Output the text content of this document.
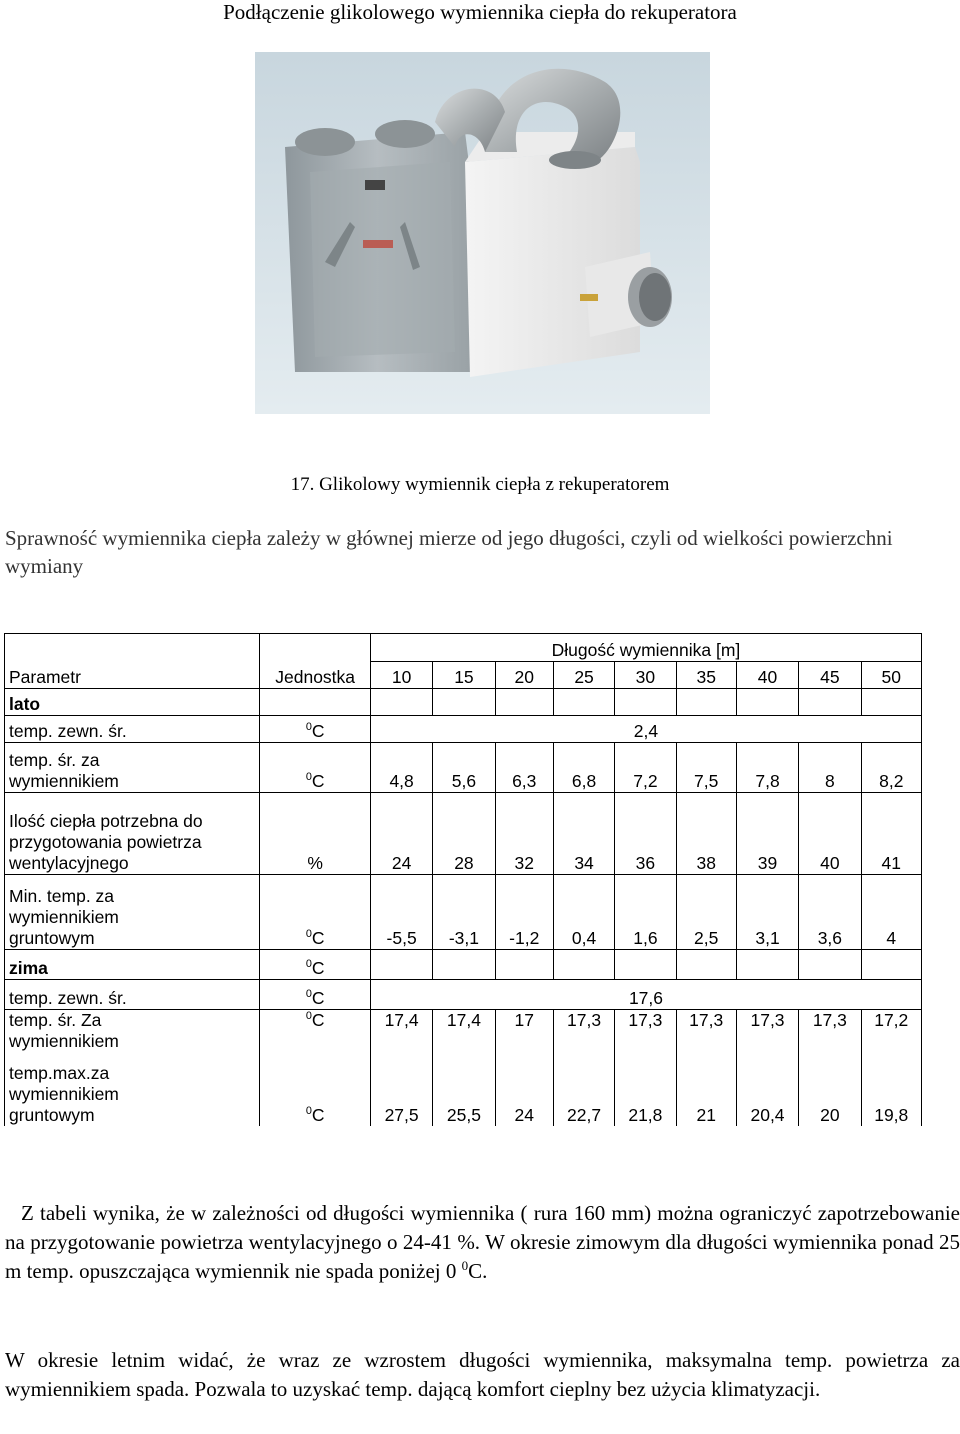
Podłączenie glikolowego wymiennika ciepła do rekuperatora
17. Glikolowy wymiennik ciepła z rekuperatorem
Sprawność wymiennika ciepła zależy w głównej mierze od jego długości, czyli od wielkości powierzchni wymiany
		Długość wymiennika [m]								
Parametr	Jednostka	10	15	20	25	30	35	40	45	50
lato										
temp. zewn. śr.	$^0$C	2,4								
temp. śr. za
wymiennikiem	$^0$C	4,8	5,6	6,3	6,8	7,2	7,5	7,8	8	8,2
Ilość ciepła potrzebna do
przygotowania powietrza
wentylacyjnego	%	24	28	32	34	36	38	39	40	41
Min. temp. za
wymiennikiem
gruntowym	$^0$C	-5,5	-3,1	-1,2	0,4	1,6	2,5	3,1	3,6	4
zima	$^0$C									
temp. zewn. śr.	$^0$C	17,6								
temp. śr. Za
wymiennikiem	$^0$C	17,4	17,4	17	17,3	17,3	17,3	17,3	17,3	17,2
temp.max.za
wymiennikiem
gruntowym	$^0$C	27,5	25,5	24	22,7	21,8	21	20,4	20	19,8
Z tabeli wynika, że w zależności od długości wymiennika ( rura 160 mm) można ograniczyć zapotrzebowanie na przygotowanie powietrza wentylacyjnego o 24-41 %. W okresie zimowym dla długości wymiennika ponad 25 m temp. opuszczająca wymiennik nie spada poniżej 0 $^0$C.
W okresie letnim widać, że wraz ze wzrostem długości wymiennika, maksymalna temp. powietrza za wymiennikiem spada. Pozwala to uzyskać temp. dającą komfort cieplny bez użycia klimatyzacji.
